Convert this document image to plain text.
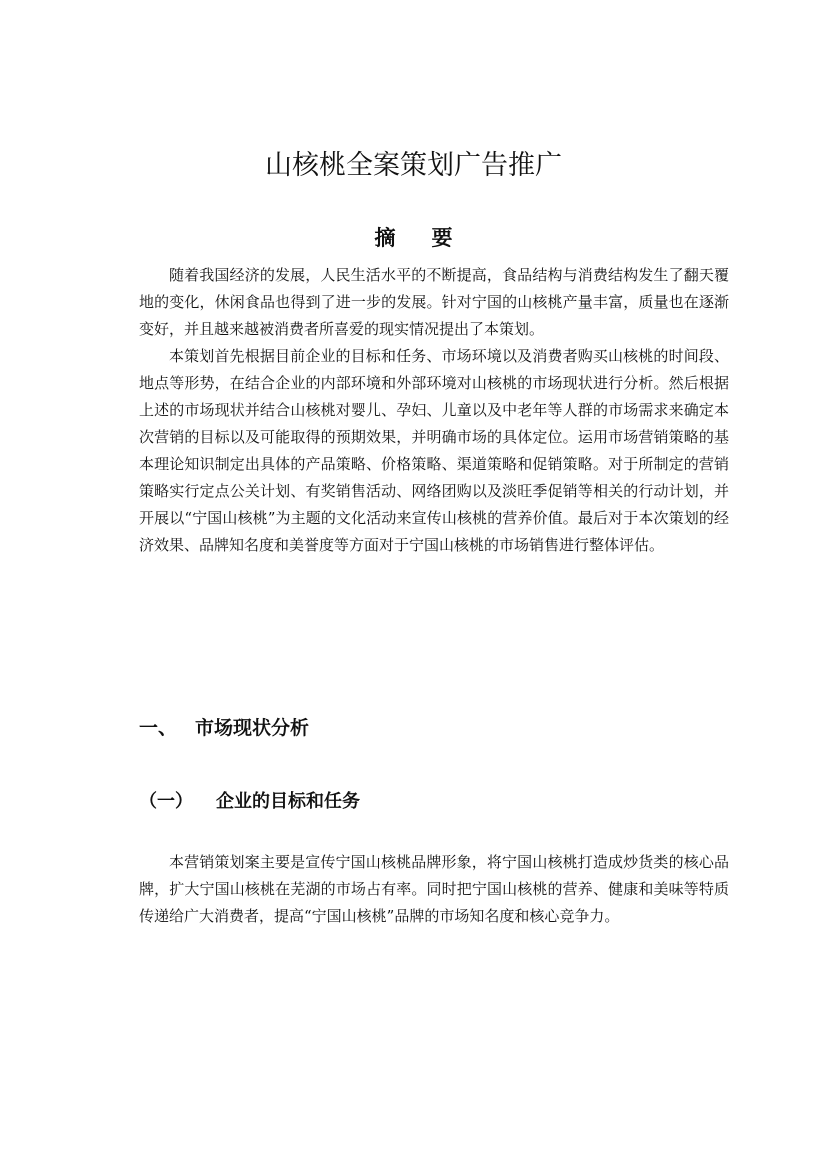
山核桃全案策划广告推广
摘 要

随着我国经济的发展，人民生活水平的不断提高，食品结构与消费结构发生了翻天覆地的变化，休闲食品也得到了进一步的发展。针对宁国的山核桃产量丰富，质量也在逐渐变好，并且越来越被消费者所喜爱的现实情况提出了本策划。

本策划首先根据目前企业的目标和任务、市场环境以及消费者购买山核桃的时间段、地点等形势，在结合企业的内部环境和外部环境对山核桃的市场现状进行分析。然后根据上述的市场现状并结合山核桃对婴儿、孕妇、儿童以及中老年等人群的市场需求来确定本次营销的目标以及可能取得的预期效果，并明确市场的具体定位。运用市场营销策略的基本理论知识制定出具体的产品策略、价格策略、渠道策略和促销策略。对于所制定的营销策略实行定点公关计划、有奖销售活动、网络团购以及淡旺季促销等相关的行动计划，并开展以“宁国山核桃”为主题的文化活动来宣传山核桃的营养价值。最后对于本次策划的经济效果、品牌知名度和美誉度等方面对于宁国山核桃的市场销售进行整体评估。

一、 市场现状分析
（一） 企业的目标和任务

本营销策划案主要是宣传宁国山核桃品牌形象，将宁国山核桃打造成炒货类的核心品牌，扩大宁国山核桃在芜湖的市场占有率。同时把宁国山核桃的营养、健康和美味等特质传递给广大消费者，提高“宁国山核桃”品牌的市场知名度和核心竞争力。
